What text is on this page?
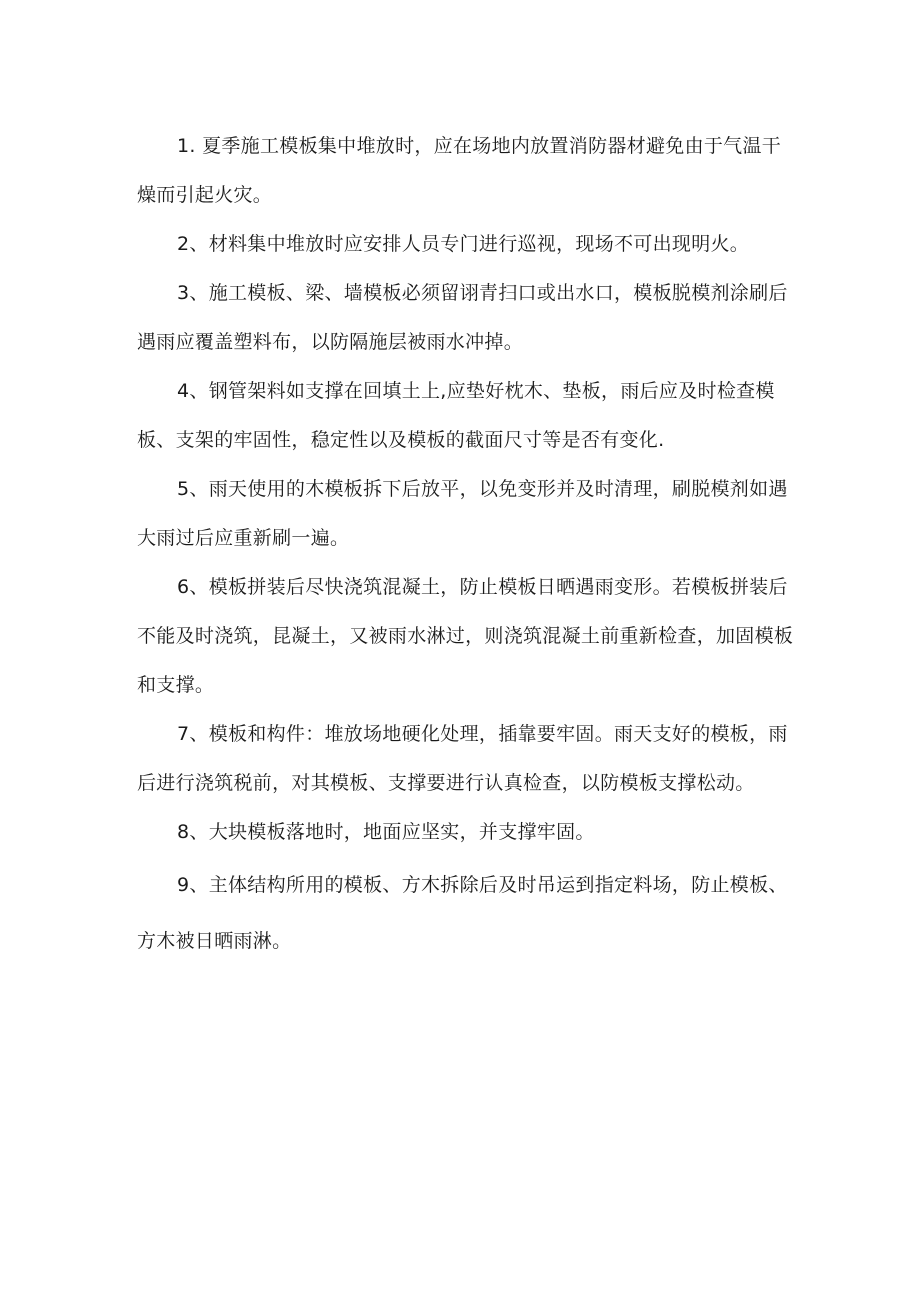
1. 夏季施工模板集中堆放时，应在场地内放置消防器材避免由于气温干燥而引起火灾。

2、材料集中堆放时应安排人员专门进行巡视，现场不可出现明火。

3、施工模板、梁、墙模板必须留诩青扫口或出水口，模板脱模剂涂刷后遇雨应覆盖塑料布，以防隔施层被雨水冲掉。

4、钢管架料如支撑在回填土上,应垫好枕木、垫板，雨后应及时检查模板、支架的牢固性，稳定性以及模板的截面尺寸等是否有变化.

5、雨天使用的木模板拆下后放平，以免变形并及时清理，刷脱模剂如遇大雨过后应重新刷一遍。

6、模板拼装后尽快浇筑混凝土，防止模板日晒遇雨变形。若模板拼装后不能及时浇筑，昆凝土，又被雨水淋过，则浇筑混凝土前重新检查，加固模板和支撑。

7、模板和构件：堆放场地硬化处理，插靠要牢固。雨天支好的模板，雨后进行浇筑税前，对其模板、支撑要进行认真检查，以防模板支撑松动。

8、大块模板落地时，地面应坚实，并支撑牢固。

9、主体结构所用的模板、方木拆除后及时吊运到指定料场，防止模板、方木被日晒雨淋。
